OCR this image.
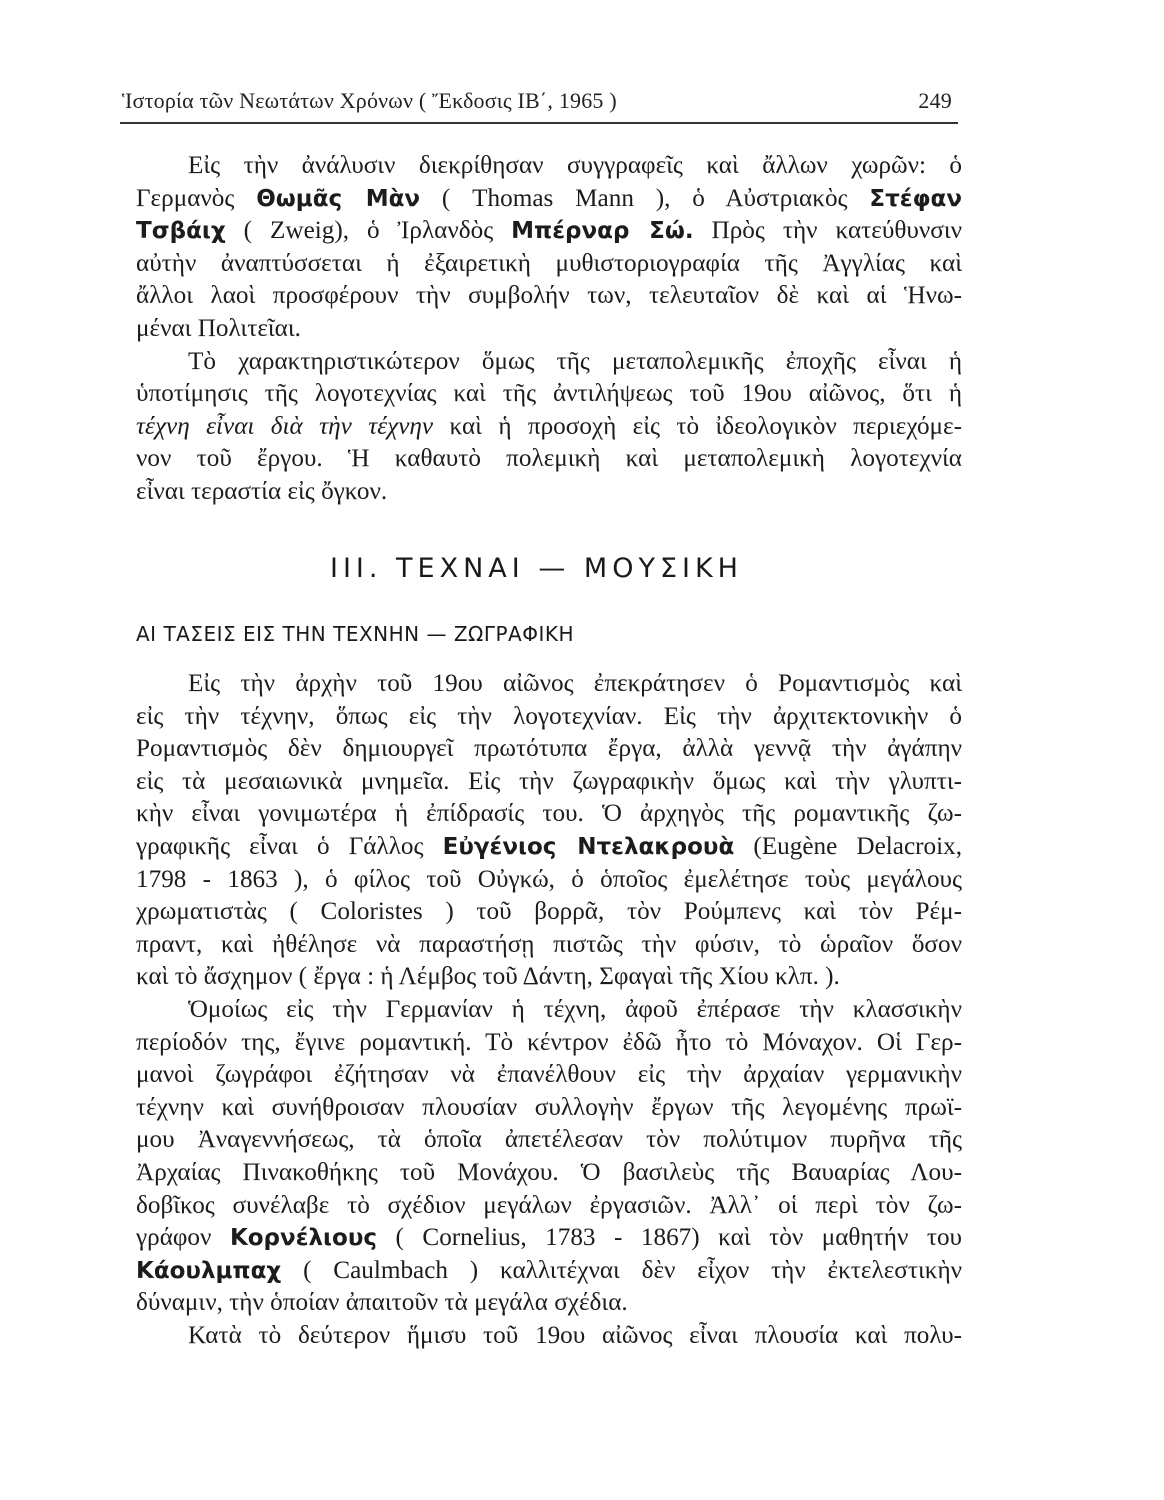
Ἱστορία τῶν Νεωτάτων Χρόνων ( Ἔκδοσις ΙΒ΄, 1965 )	249
Εἰς τὴν ἀνάλυσιν διεκρίθησαν συγγραφεῖς καὶ ἄλλων χωρῶν: ὁ
Γερμανὸς Θωμᾶς Μὰν ( Thomas Mann ), ὁ Αὐστριακὸς Στέφαν
Τσβάιχ ( Zweig), ὁ Ἰρλανδὸς Μπέρναρ Σώ. Πρὸς τὴν κατεύθυνσιν
αὐτὴν ἀναπτύσσεται ἡ ἐξαιρετικὴ μυθιστοριογραφία τῆς Ἀγγλίας καὶ
ἄλλοι λαοὶ προσφέρουν τὴν συμβολήν των, τελευταῖον δὲ καὶ αἱ Ἡνω-
μέναι Πολιτεῖαι.
Τὸ χαρακτηριστικώτερον ὅμως τῆς μεταπολεμικῆς ἐποχῆς εἶναι ἡ
ὑποτίμησις τῆς λογοτεχνίας καὶ τῆς ἀντιλήψεως τοῦ 19ου αἰῶνος, ὅτι ἡ
τέχνη εἶναι διὰ τὴν τέχνην καὶ ἡ προσοχὴ εἰς τὸ ἰδεολογικὸν περιεχόμε-
νον τοῦ ἔργου. Ἡ καθαυτὸ πολεμικὴ καὶ μεταπολεμικὴ λογοτεχνία
εἶναι τεραστία εἰς ὄγκον.
III. ΤΕΧΝΑΙ — ΜΟΥΣΙΚΗ
ΑΙ ΤΑΣΕΙΣ ΕΙΣ ΤΗΝ ΤΕΧΝΗΝ — ΖΩΓΡΑΦΙΚΗ
Εἰς τὴν ἀρχὴν τοῦ 19ου αἰῶνος ἐπεκράτησεν ὁ Ρομαντισμὸς καὶ
εἰς τὴν τέχνην, ὅπως εἰς τὴν λογοτεχνίαν. Εἰς τὴν ἀρχιτεκτονικὴν ὁ
Ρομαντισμὸς δὲν δημιουργεῖ πρωτότυπα ἔργα, ἀλλὰ γεννᾷ τὴν ἀγάπην
εἰς τὰ μεσαιωνικὰ μνημεῖα. Εἰς τὴν ζωγραφικὴν ὅμως καὶ τὴν γλυπτι-
κὴν εἶναι γονιμωτέρα ἡ ἐπίδρασίς του. Ὁ ἀρχηγὸς τῆς ρομαντικῆς ζω-
γραφικῆς εἶναι ὁ Γάλλος Εὐγένιος Ντελακρουὰ (Eugène Delacroix,
1798 - 1863 ), ὁ φίλος τοῦ Οὐγκώ, ὁ ὁποῖος ἐμελέτησε τοὺς μεγάλους
χρωματιστὰς ( Coloristes ) τοῦ βορρᾶ, τὸν Ρούμπενς καὶ τὸν Ρέμ-
πραντ, καὶ ἠθέλησε νὰ παραστήσῃ πιστῶς τὴν φύσιν, τὸ ὡραῖον ὅσον
καὶ τὸ ἄσχημον ( ἔργα : ἡ Λέμβος τοῦ Δάντη, Σφαγαὶ τῆς Χίου κλπ. ).
Ὁμοίως εἰς τὴν Γερμανίαν ἡ τέχνη, ἀφοῦ ἐπέρασε τὴν κλασσικὴν
περίοδόν της, ἔγινε ρομαντική. Τὸ κέντρον ἐδῶ ἦτο τὸ Μόναχον. Οἱ Γερ-
μανοὶ ζωγράφοι ἐζήτησαν νὰ ἐπανέλθουν εἰς τὴν ἀρχαίαν γερμανικὴν
τέχνην καὶ συνήθροισαν πλουσίαν συλλογὴν ἔργων τῆς λεγομένης πρωϊ-
μου Ἀναγεννήσεως, τὰ ὁποῖα ἀπετέλεσαν τὸν πολύτιμον πυρῆνα τῆς
Ἀρχαίας Πινακοθήκης τοῦ Μονάχου. Ὁ βασιλεὺς τῆς Βαυαρίας Λου-
δοβῖκος συνέλαβε τὸ σχέδιον μεγάλων ἐργασιῶν. Ἀλλ᾿ οἱ περὶ τὸν ζω-
γράφον Κορνέλιους ( Cornelius, 1783 - 1867) καὶ τὸν μαθητήν του
Κάουλμπαχ ( Caulmbach ) καλλιτέχναι δὲν εἶχον τὴν ἐκτελεστικὴν
δύναμιν, τὴν ὁποίαν ἀπαιτοῦν τὰ μεγάλα σχέδια.
Κατὰ τὸ δεύτερον ἥμισυ τοῦ 19ου αἰῶνος εἶναι πλουσία καὶ πολυ-
